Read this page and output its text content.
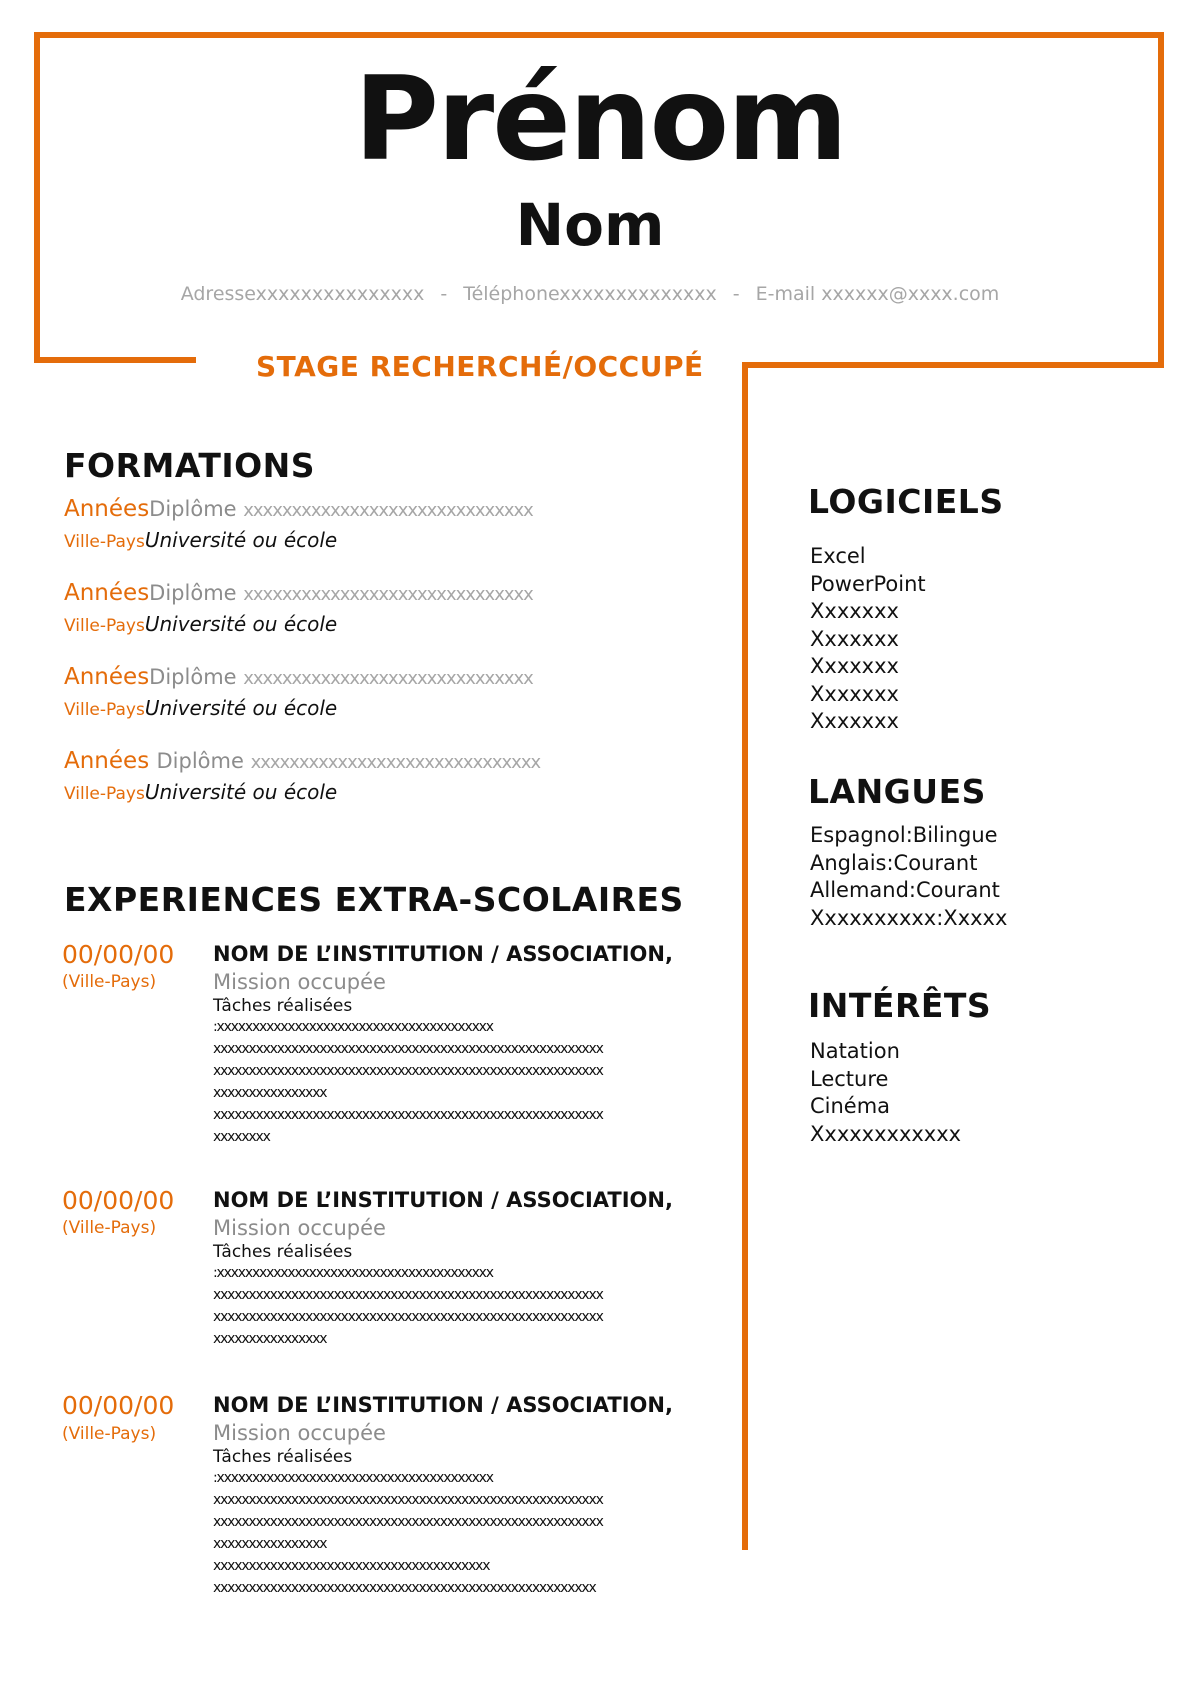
Prénom
Nom
Adressexxxxxxxxxxxxxxx - Téléphonexxxxxxxxxxxxxx - E-mail xxxxxx@xxxx.com
STAGE RECHERCHÉ/OCCUPÉ
FORMATIONS
AnnéesDiplôme xxxxxxxxxxxxxxxxxxxxxxxxxxxxxx
Ville-PaysUniversité ou école
AnnéesDiplôme xxxxxxxxxxxxxxxxxxxxxxxxxxxxxx
Ville-PaysUniversité ou école
AnnéesDiplôme xxxxxxxxxxxxxxxxxxxxxxxxxxxxxx
Ville-PaysUniversité ou école
Années Diplôme xxxxxxxxxxxxxxxxxxxxxxxxxxxxxx
Ville-PaysUniversité ou école
EXPERIENCES EXTRA-SCOLAIRES
00/00/00
(Ville-Pays)
NOM DE L’INSTITUTION / ASSOCIATION,
Mission occupée
Tâches réalisées
:xxxxxxxxxxxxxxxxxxxxxxxxxxxxxxxxxxxxxxx
xxxxxxxxxxxxxxxxxxxxxxxxxxxxxxxxxxxxxxxxxxxxxxxxxxxxxxx
xxxxxxxxxxxxxxxxxxxxxxxxxxxxxxxxxxxxxxxxxxxxxxxxxxxxxxx
xxxxxxxxxxxxxxxx
xxxxxxxxxxxxxxxxxxxxxxxxxxxxxxxxxxxxxxxxxxxxxxxxxxxxxxx
xxxxxxxx
00/00/00
(Ville-Pays)
NOM DE L’INSTITUTION / ASSOCIATION,
Mission occupée
Tâches réalisées
:xxxxxxxxxxxxxxxxxxxxxxxxxxxxxxxxxxxxxxx
xxxxxxxxxxxxxxxxxxxxxxxxxxxxxxxxxxxxxxxxxxxxxxxxxxxxxxx
xxxxxxxxxxxxxxxxxxxxxxxxxxxxxxxxxxxxxxxxxxxxxxxxxxxxxxx
xxxxxxxxxxxxxxxx
00/00/00
(Ville-Pays)
NOM DE L’INSTITUTION / ASSOCIATION,
Mission occupée
Tâches réalisées
:xxxxxxxxxxxxxxxxxxxxxxxxxxxxxxxxxxxxxxx
xxxxxxxxxxxxxxxxxxxxxxxxxxxxxxxxxxxxxxxxxxxxxxxxxxxxxxx
xxxxxxxxxxxxxxxxxxxxxxxxxxxxxxxxxxxxxxxxxxxxxxxxxxxxxxx
xxxxxxxxxxxxxxxx
xxxxxxxxxxxxxxxxxxxxxxxxxxxxxxxxxxxxxxx
xxxxxxxxxxxxxxxxxxxxxxxxxxxxxxxxxxxxxxxxxxxxxxxxxxxxxx
LOGICIELS
Excel
PowerPoint
Xxxxxxx
Xxxxxxx
Xxxxxxx
Xxxxxxx
Xxxxxxx
LANGUES
Espagnol:Bilingue
Anglais:Courant
Allemand:Courant
Xxxxxxxxxx:Xxxxx
INTÉRÊTS
Natation
Lecture
Cinéma
Xxxxxxxxxxxx
